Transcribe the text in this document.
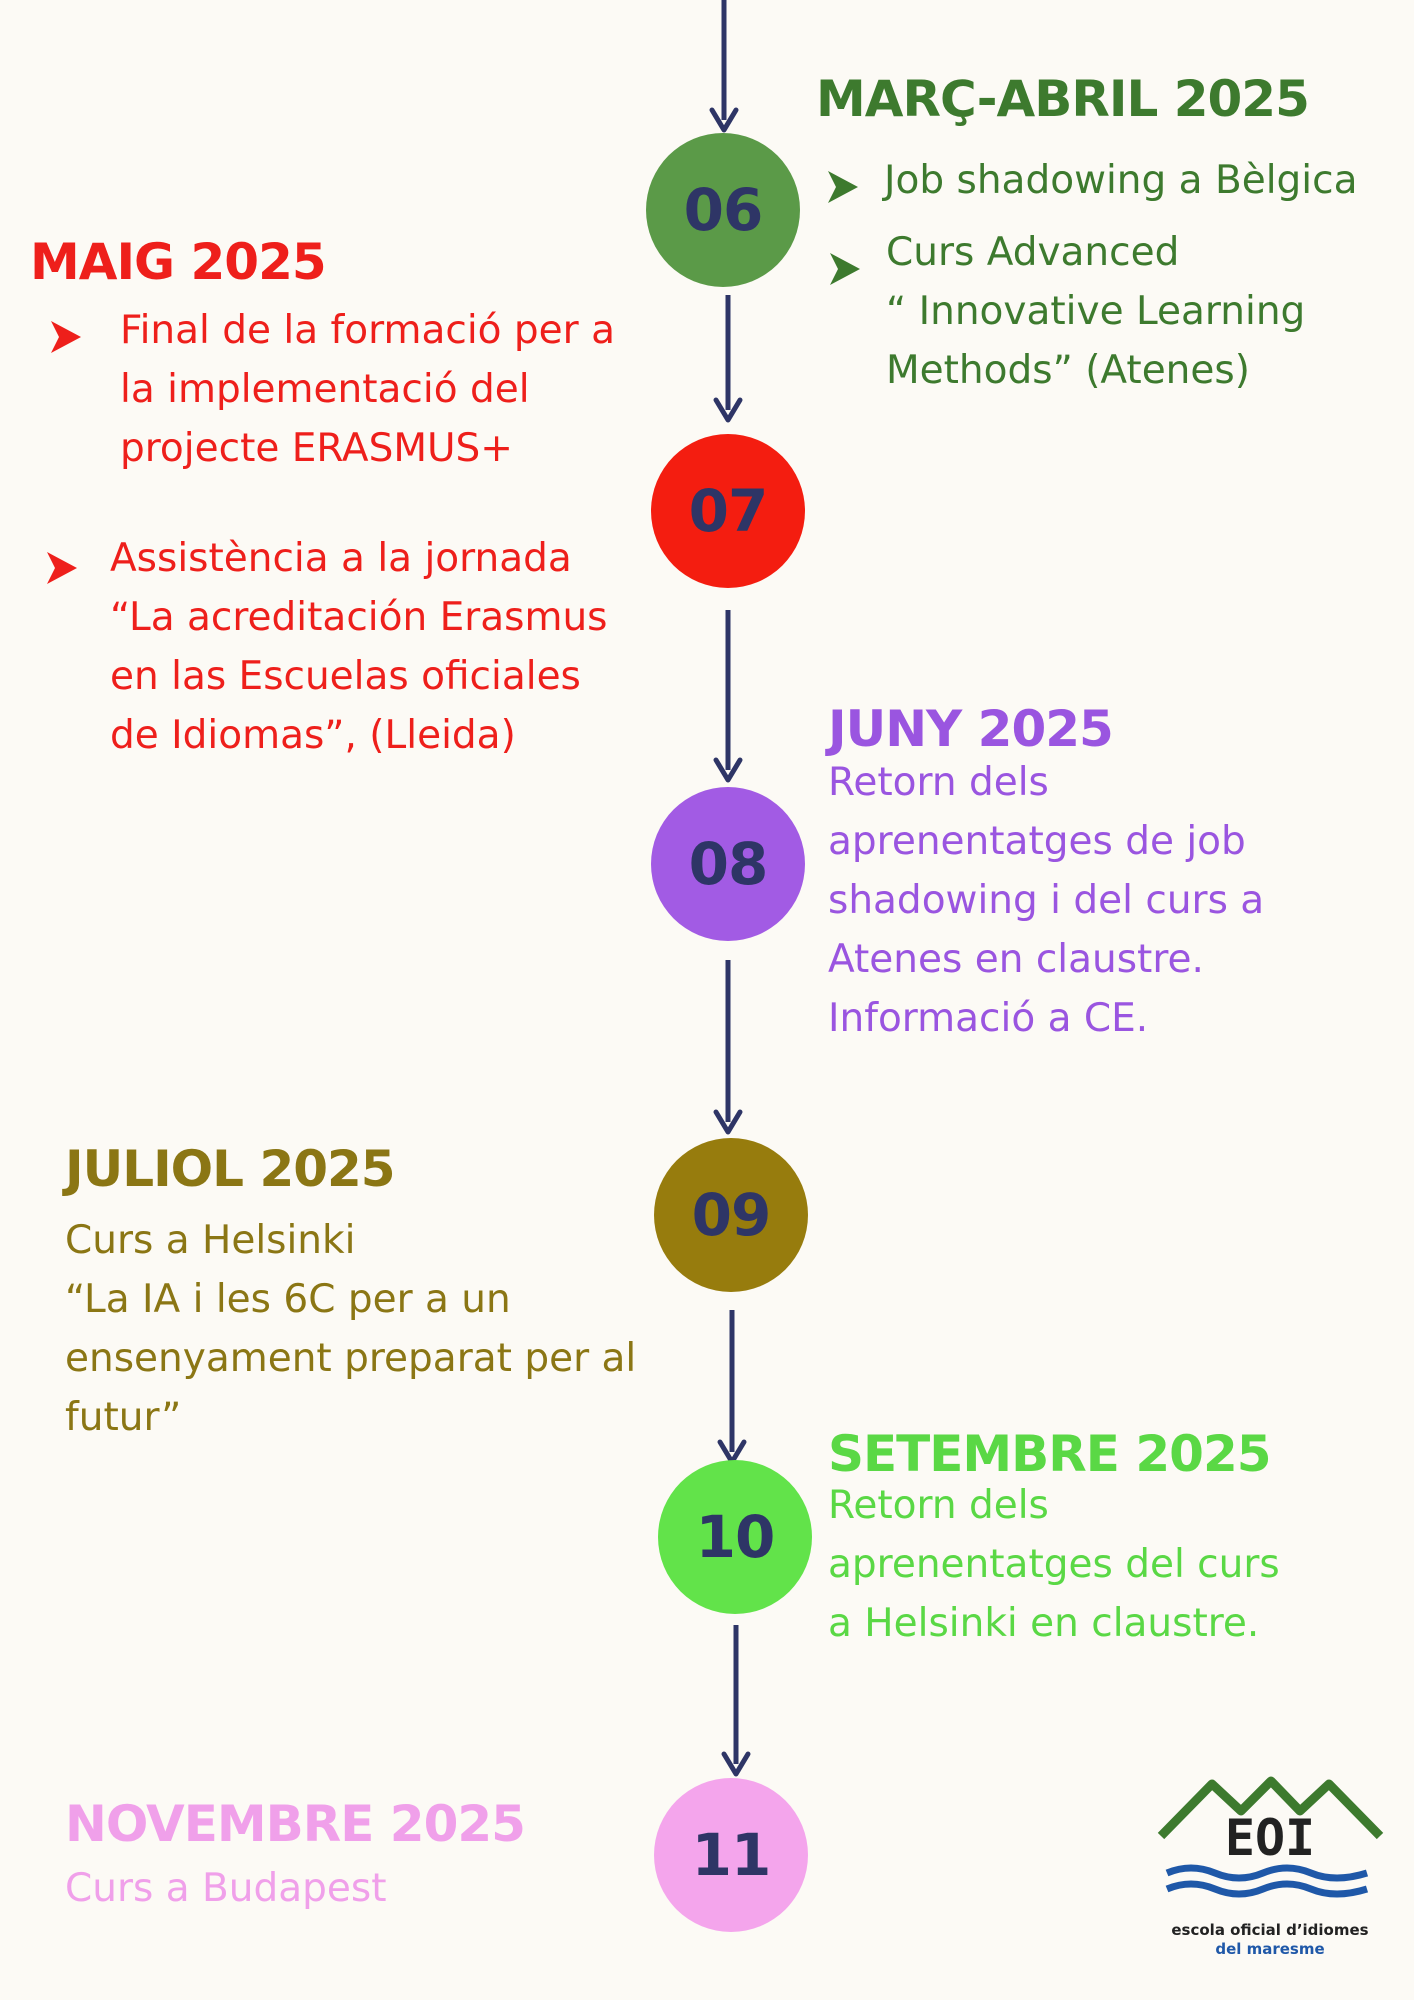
06
MARÇ-ABRIL 2025
Job shadowing a Bèlgica
Curs Advanced
“ Innovative Learning
Methods” (Atenes)
07
MAIG 2025
Final de la formació per a
la implementació del
projecte ERASMUS+
Assistència a la jornada
“La acreditación Erasmus
en las Escuelas oficiales
de Idiomas”, (Lleida)
08
JUNY 2025
Retorn dels
aprenentatges de job
shadowing i del curs a
Atenes en claustre.
Informació a CE.
09
JULIOL 2025
Curs a Helsinki
“La IA i les 6C per a un
ensenyament preparat per al
futur”
10
SETEMBRE 2025
Retorn dels
aprenentatges del curs
a Helsinki en claustre.
11
NOVEMBRE 2025
Curs a Budapest
EOI
escola oficial d’idiomes
del maresme
